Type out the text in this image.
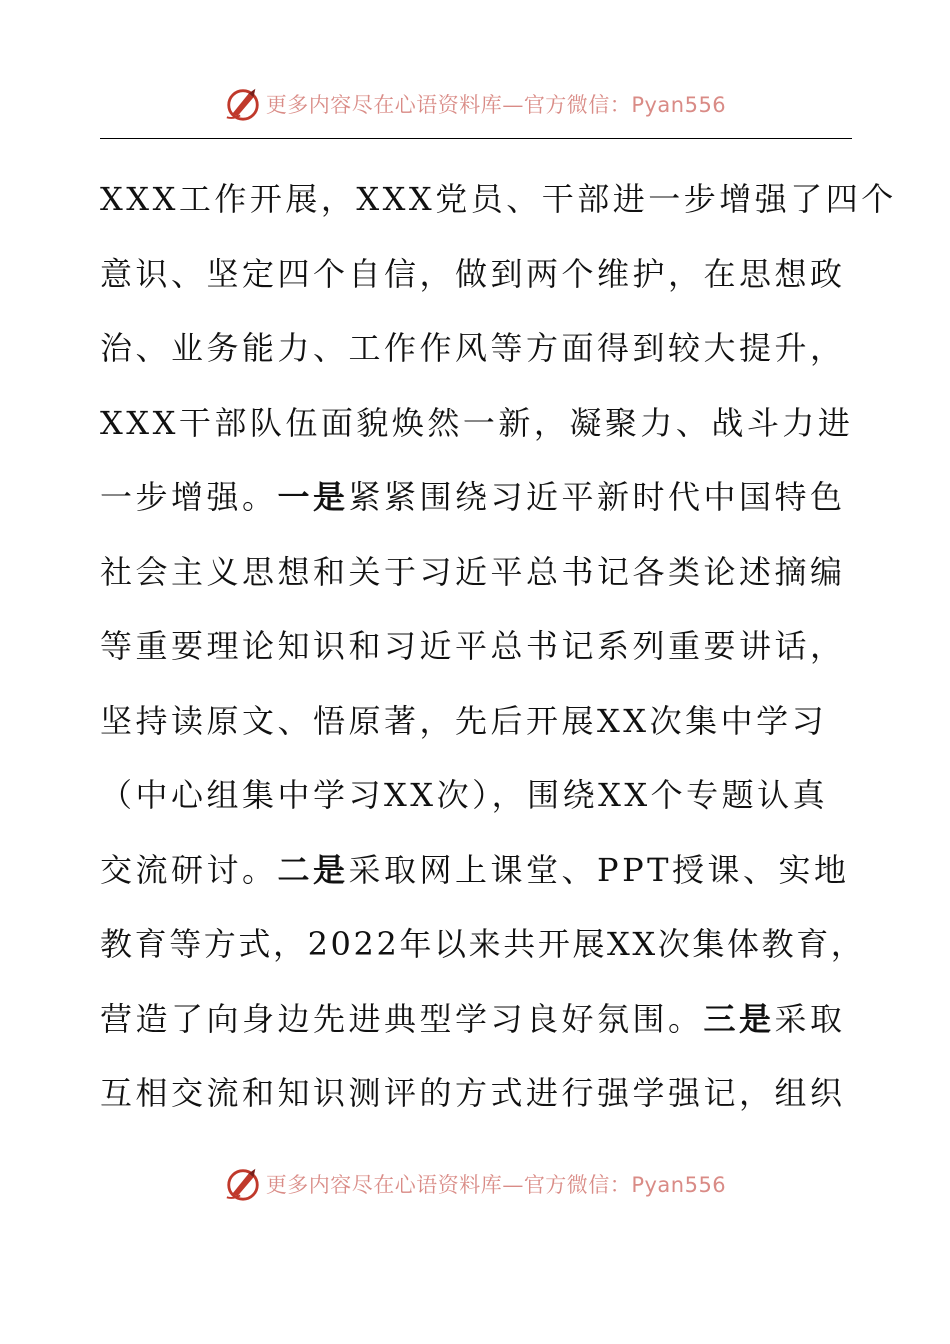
更多内容尽在心语资料库—官方微信：Pyan556
XXX工作开展，XXX党员、干部进一步增强了四个
意识、坚定四个自信，做到两个维护，在思想政
治、业务能力、工作作风等方面得到较大提升，
XXX干部队伍面貌焕然一新，凝聚力、战斗力进
一步增强。一是紧紧围绕习近平新时代中国特色
社会主义思想和关于习近平总书记各类论述摘编
等重要理论知识和习近平总书记系列重要讲话，
坚持读原文、悟原著，先后开展XX次集中学习
（中心组集中学习XX次），围绕XX个专题认真
交流研讨。二是采取网上课堂、PPT授课、实地
教育等方式，2022年以来共开展XX次集体教育，
营造了向身边先进典型学习良好氛围。三是采取
互相交流和知识测评的方式进行强学强记，组织
更多内容尽在心语资料库—官方微信：Pyan556
